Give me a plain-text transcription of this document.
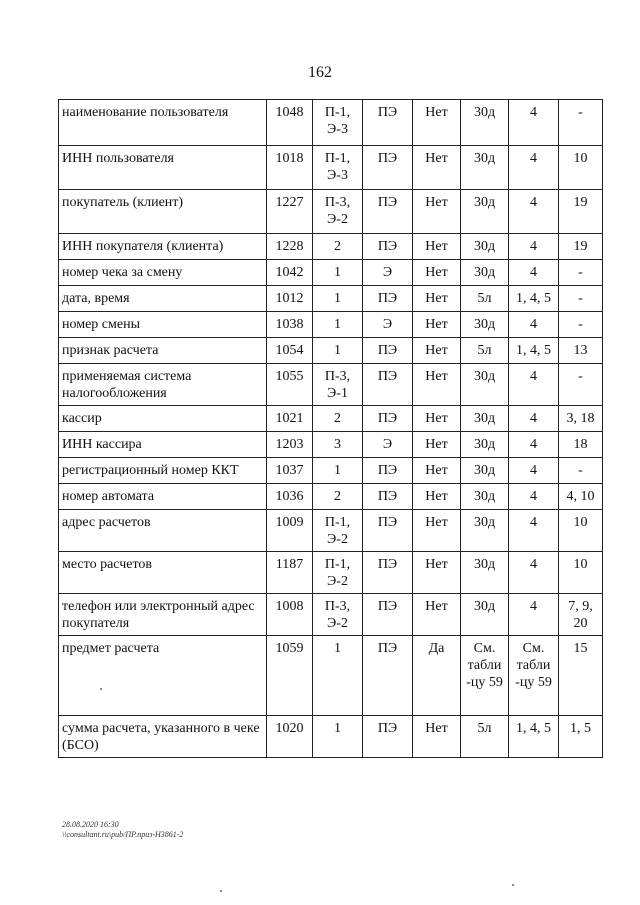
162
наименование пользователя	1048	П-1, Э-3	ПЭ	Нет	30д	4	-
ИНН пользователя	1018	П-1, Э-3	ПЭ	Нет	30д	4	10
покупатель (клиент)	1227	П-3, Э-2	ПЭ	Нет	30д	4	19
ИНН покупателя (клиента)	1228	2	ПЭ	Нет	30д	4	19
номер чека за смену	1042	1	Э	Нет	30д	4	-
дата, время	1012	1	ПЭ	Нет	5л	1, 4, 5	-
номер смены	1038	1	Э	Нет	30д	4	-
признак расчета	1054	1	ПЭ	Нет	5л	1, 4, 5	13
применяемая система налогообложения	1055	П-3, Э-1	ПЭ	Нет	30д	4	-
кассир	1021	2	ПЭ	Нет	30д	4	3, 18
ИНН кассира	1203	3	Э	Нет	30д	4	18
регистрационный номер ККТ	1037	1	ПЭ	Нет	30д	4	-
номер автомата	1036	2	ПЭ	Нет	30д	4	4, 10
адрес расчетов	1009	П-1, Э-2	ПЭ	Нет	30д	4	10
место расчетов	1187	П-1, Э-2	ПЭ	Нет	30д	4	10
телефон или электронный адрес покупателя	1008	П-3, Э-2	ПЭ	Нет	30д	4	7, 9, 20
предмет расчета	1059	1	ПЭ	Да	См. табли -цу 59	См. табли -цу 59	15
сумма расчета, указанного в чеке (БСО)	1020	1	ПЭ	Нет	5л	1, 4, 5	1, 5
28.08.2020 16:30
\\consultant.ru\pub/ПР.приз-Н3861-2
